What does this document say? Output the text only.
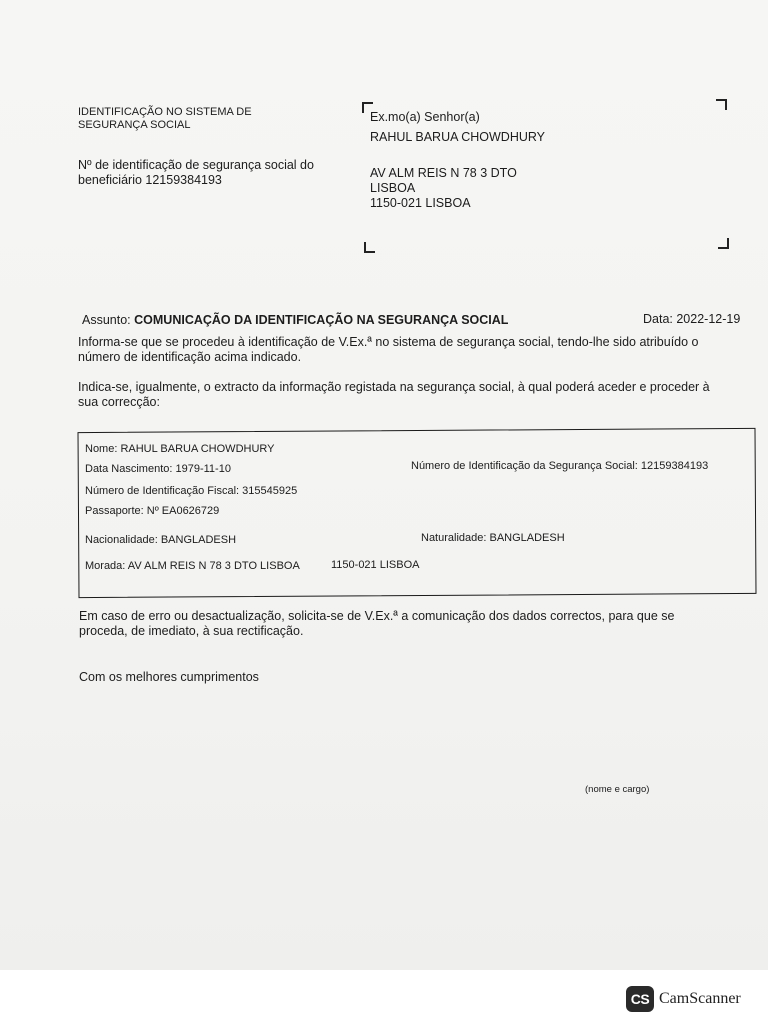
IDENTIFICAÇÃO NO SISTEMA DE
SEGURANÇA SOCIAL
Nº de identificação de segurança social do
beneficiário 12159384193
Ex.mo(a) Senhor(a)
RAHUL BARUA CHOWDHURY
AV ALM REIS N 78 3 DTO
LISBOA
1150-021 LISBOA
Assunto: COMUNICAÇÃO DA IDENTIFICAÇÃO NA SEGURANÇA SOCIAL	Data: 2022-12-19
Informa-se que se procedeu à identificação de V.Ex.ª no sistema de segurança social, tendo-lhe sido atribuído o
número de identificação acima indicado.
Indica-se, igualmente, o extracto da informação registada na segurança social, à qual poderá aceder e proceder à
sua correcção:
Nome: RAHUL BARUA CHOWDHURY
Data Nascimento: 1979-11-10	Número de Identificação da Segurança Social: 12159384193
Número de Identificação Fiscal: 315545925
Passaporte: Nº EA0626729
Nacionalidade: BANGLADESH	Naturalidade: BANGLADESH
Morada: AV ALM REIS N 78 3 DTO LISBOA	1150-021 LISBOA
Em caso de erro ou desactualização, solicita-se de V.Ex.ª a comunicação dos dados correctos, para que se
proceda, de imediato, à sua rectificação.
Com os melhores cumprimentos
(nome e cargo)
CS CamScanner
